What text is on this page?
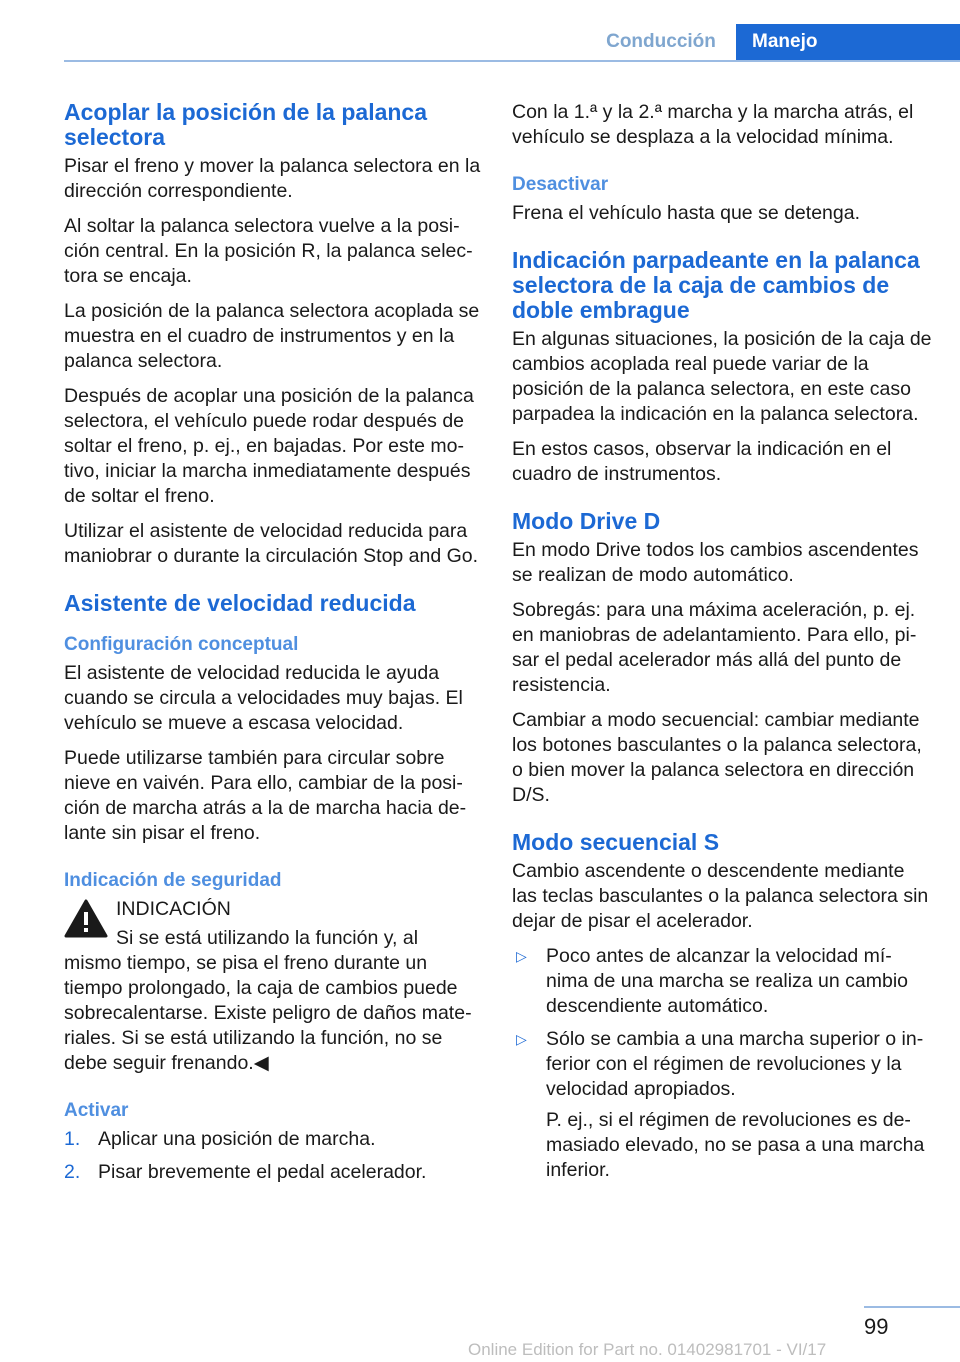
Conducción	Manejo
Acoplar la posición de la palanca selectora

Pisar el freno y mover la palanca selectora en la dirección correspondiente.

Al soltar la palanca selectora vuelve a la posi‐ción central. En la posición R, la palanca selec‐tora se encaja.

La posición de la palanca selectora acoplada se muestra en el cuadro de instrumentos y en la palanca selectora.

Después de acoplar una posición de la palanca selectora, el vehículo puede rodar después de soltar el freno, p. ej., en bajadas. Por este mo‐tivo, iniciar la marcha inmediatamente después de soltar el freno.

Utilizar el asistente de velocidad reducida para maniobrar o durante la circulación Stop and Go.

Asistente de velocidad reducida
Configuración conceptual

El asistente de velocidad reducida le ayuda cuando se circula a velocidades muy bajas. El vehículo se mueve a escasa velocidad.

Puede utilizarse también para circular sobre nieve en vaivén. Para ello, cambiar de la posi‐ción de marcha atrás a la de marcha hacia de‐lante sin pisar el freno.

Indicación de seguridad

INDICACIÓN

Si se está utilizando la función y, al

mismo tiempo, se pisa el freno durante un tiempo prolongado, la caja de cambios puede sobrecalentarse. Existe peligro de daños mate‐riales. Si se está utilizando la función, no se debe seguir frenando.◀

Activar
1. Aplicar una posición de marcha.
2. Pisar brevemente el pedal acelerador.

Con la 1.ª y la 2.ª marcha y la marcha atrás, el vehículo se desplaza a la velocidad mínima.

Desactivar

Frena el vehículo hasta que se detenga.

Indicación parpadeante en la palanca selectora de la caja de cambios de doble embrague

En algunas situaciones, la posición de la caja de cambios acoplada real puede variar de la posición de la palanca selectora, en este caso parpadea la indicación en la palanca selectora.

En estos casos, observar la indicación en el cuadro de instrumentos.

Modo Drive D

En modo Drive todos los cambios ascendentes se realizan de modo automático.

Sobregás: para una máxima aceleración, p. ej. en maniobras de adelantamiento. Para ello, pi‐sar el pedal acelerador más allá del punto de resistencia.

Cambiar a modo secuencial: cambiar mediante los botones basculantes o la palanca selectora, o bien mover la palanca selectora en dirección D/S.

Modo secuencial S

Cambio ascendente o descendente mediante las teclas basculantes o la palanca selectora sin dejar de pisar el acelerador.

▷ Poco antes de alcanzar la velocidad mí‐nima de una marcha se realiza un cambio descendiente automático.
▷ Sólo se cambia a una marcha superior o in‐ferior con el régimen de revoluciones y la velocidad apropiados.
P. ej., si el régimen de revoluciones es de‐masiado elevado, no se pasa a una marcha inferior.
99
Online Edition for Part no. 01402981701 - VI/17
